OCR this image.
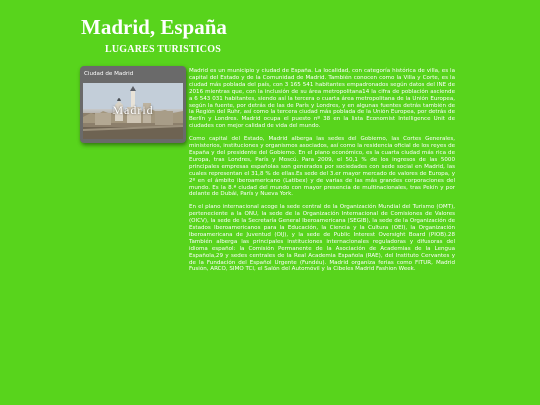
Madrid, España
LUGARES TURISTICOS
Ciudad de Madrid
Madrid

Madrid es un municipio y ciudad de España. La localidad, con categoría histórica de villa, es la capital del Estado y de la Comunidad de Madrid. También conocen como la Villa y Corte, es la ciudad más poblada del país, con 3 165 541 habitantes empadronados según datos del INE de 2016 mientras que, con la inclusión de su área metropolitana14 la cifra de población asciende a 6 543 031 habitantes, siendo así la tercera o cuarta área metropolitana de la Unión Europea, según la fuente, por detrás de las de París y Londres, y en algunas fuentes detrás también de la Región del Ruhr, así como la tercera ciudad más poblada de la Unión Europea, por detrás de Berlín y Londres. Madrid ocupa el puesto nº 38 en la lista Economist Intelligence Unit de ciudades con mejor calidad de vida del mundo.

Como capital del Estado, Madrid alberga las sedes del Gobierno, las Cortes Generales, ministerios, instituciones y organismos asociados, así como la residencia oficial de los reyes de España y del presidente del Gobierno. En el plano económico, es la cuarta ciudad más rica de Europa, tras Londres, París y Moscú. Para 2009, el 50,1 % de los ingresos de las 5000 principales empresas españolas son generados por sociedades con sede social en Madrid, las cuales representan el 31,8 % de ellas.Es sede del 3.er mayor mercado de valores de Europa, y 2º en el ámbito iberoamericano (Latibex) y de varias de las más grandes corporaciones del mundo. Es la 8.ª ciudad del mundo con mayor presencia de multinacionales, tras Pekín y por delante de Dubái, París y Nueva York.

En el plano internacional acoge la sede central de la Organización Mundial del Turismo (OMT), perteneciente a la ONU, la sede de la Organización Internacional de Comisiones de Valores (OICV), la sede de la Secretaría General Iberoamericana (SEGIB), la sede de la Organización de Estados Iberoamericanos para la Educación, la Ciencia y la Cultura (OEI), la Organización Iberoamericana de Juventud (OIJ), y la sede de Public Interest Oversight Board (PIOB).28 También alberga las principales instituciones internacionales reguladoras y difusoras del idioma español: la Comisión Permanente de la Asociación de Academias de la Lengua Española,29 y sedes centrales de la Real Academia Española (RAE), del Instituto Cervantes y de la Fundación del Español Urgente (Fundéu). Madrid organiza ferias como FITUR, Madrid Fusión, ARCO, SIMO TCI, el Salón del Automóvil y la Cibeles Madrid Fashion Week.
